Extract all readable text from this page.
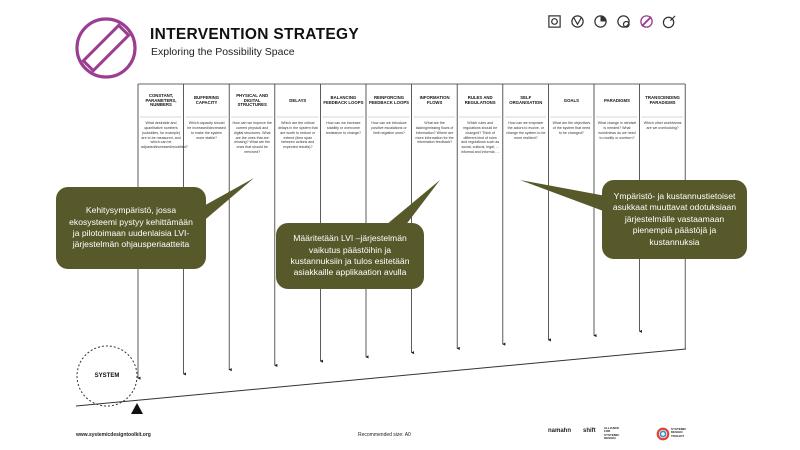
INTERVENTION STRATEGY
Exploring the Possibility Space
CONSTANT, PARAMETERS, NUMBERS
What desirable and quantitative numbers (subsidies, for example) are to be measured, and which can be adjusted/increased/modified?
BUFFERING CAPACITY
Which capacity should be increased/decreased to make the system more stable?
PHYSICAL AND DIGITAL STRUCTURES
How can we improve the current physical and digital structures. What are the ones that are missing? What are the ones that should be removed?
DELAYS
Which are the critical delays in the system that are worth to reduce or extend (time span between actions and expected results)?
BALANCING FEEDBACK LOOPS
How can we increase stability or overcome resistance to change?
REINFORCING FEEDBACK LOOPS
How can we introduce positive escalations or limit negative ones?
INFORMATION FLOWS
What are the lacking/missing flows of information? Where are more information for the information feedback?
RULES AND REGULATIONS
Which rules and regulations should be changed? Think of different kind of rules and regulations such as social, cultural, legal, ... informal and informal, ...
SELF ORGANISATION
How can we empower the actors to evolve, or change the system to be more resilient?
GOALS
What are the objectives of the system that need to be changed?
PARADIGMS
What change in mindset is needed? What worldviews do we need to modify or overturn?
TRANSCENDING PARADIGMS
Which other worldviews are we overlooking?
Kehitysympäristö, jossa ekosysteemi pystyy kehittämään ja pilotoimaan uudenlaisia LVI-järjestelmän ohjausperiaatteita
Määritetään LVI –järjestelmän vaikutus päästöihin ja kustannuksiin ja tulos esitetään asiakkaille applikaation avulla
Ympäristö- ja kustannustietoiset asukkaat muuttavat odotuksiaan järjestelmälle vastaamaan pienempiä päästöjä ja kustannuksia
SYSTEM
www.systemicdesigntoolkit.org	Recommended size: A0
namahn shift	ALLIANCE FOR SYSTEMIC DESIGN
SYSTEMIC DESIGN TOOLKIT
